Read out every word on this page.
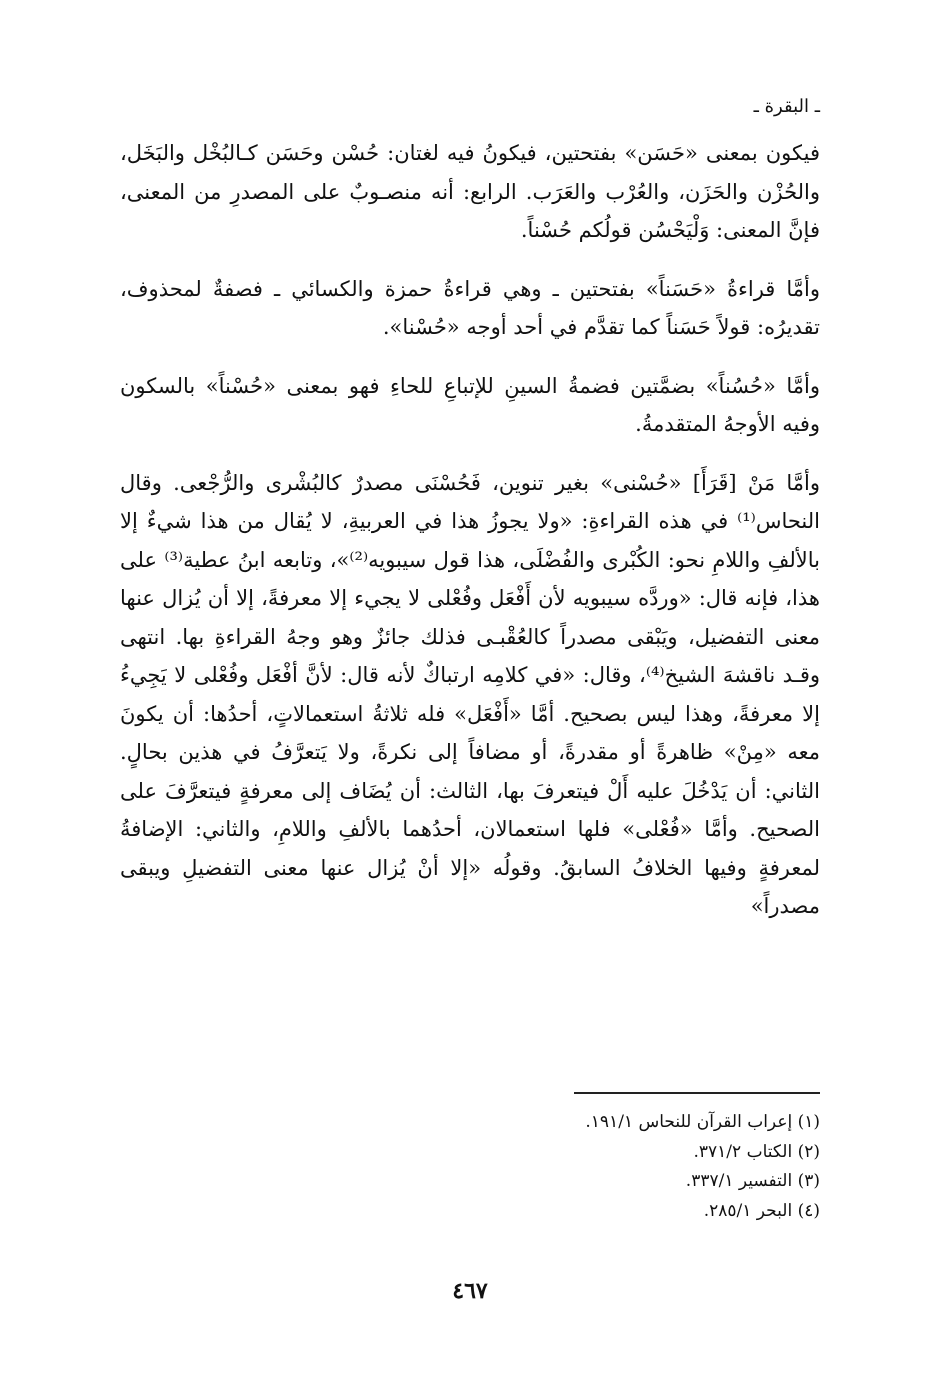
ـ البقرة ـ

فيكون بمعنى «حَسَن» بفتحتين، فيكونُ فيه لغتان: حُسْن وحَسَن كـالبُخْل والبَخَل، والحُزْن والحَزَن، والعُرْب والعَرَب. الرابع: أنه منصـوبٌ على المصدرِ من المعنى، فإنَّ المعنى: وَلْيَحْسُن قولُكم حُسْناً.

وأمَّا قراءةُ «حَسَناً» بفتحتين ـ وهي قراءةُ حمزة والكسائي ـ فصفةٌ لمحذوف، تقديرُه: قولاً حَسَناً كما تقدَّم في أحد أوجه «حُسْنا».

وأمَّا «حُسُناً» بضمَّتين فضمةُ السينِ للإتباعِ للحاءِ فهو بمعنى «حُسْناً» بالسكون وفيه الأوجهُ المتقدمةُ.

وأمَّا مَنْ [قَرَأَ] «حُسْنى» بغير تنوين، فَحُسْنَى مصدرٌ كالبُشْرى والرُّجْعى. وقال النحاس⁽¹⁾ في هذه القراءةِ: «ولا يجوزُ هذا في العربيةِ، لا يُقال من هذا شيءٌ إلا بالألفِ واللامِ نحو: الكُبْرى والفُضْلَى، هذا قول سيبويه⁽²⁾»، وتابعه ابنُ عطية⁽³⁾ على هذا، فإنه قال: «وردَّه سيبويه لأن أَفْعَل وفُعْلى لا يجيء إلا معرفةً، إلا أن يُزال عنها معنى التفضيل، ويَبْقى مصدراً كالعُقْبـى فذلك جائزٌ وهو وجهُ القراءةِ بها. انتهى وقـد ناقشهَ الشيخ⁽⁴⁾، وقال: «في كلامِه ارتباكٌ لأنه قال: لأنَّ أفْعَل وفُعْلى لا يَجِيءُ إلا معرفةً، وهذا ليس بصحيح. أمَّا «أَفْعَل» فله ثلاثةُ استعمالاتٍ، أحدُها: أن يكونَ معه «مِنْ» ظاهرةً أو مقدرةً، أو مضافاً إلى نكرةً، ولا يَتعرَّفُ في هذين بحالٍ. الثاني: أن يَدْخُلَ عليه أَلْ فيتعرفَ بها، الثالث: أن يُضَاف إلى معرفةٍ فيتعرَّفَ على الصحيح. وأمَّا «فُعْلى» فلها استعمالان، أحدُهما بالألفِ واللامِ، والثاني: الإضافةُ لمعرفةٍ وفيها الخلافُ السابقُ. وقولُه «إلا أنْ يُزال عنها معنى التفضيلِ ويبقى مصدراً»

(١) إعراب القرآن للنحاس ١٩١/١.
(٢) الكتاب ٣٧١/٢.
(٣) التفسير ٣٣٧/١.
(٤) البحر ٢٨٥/١.
٤٦٧
